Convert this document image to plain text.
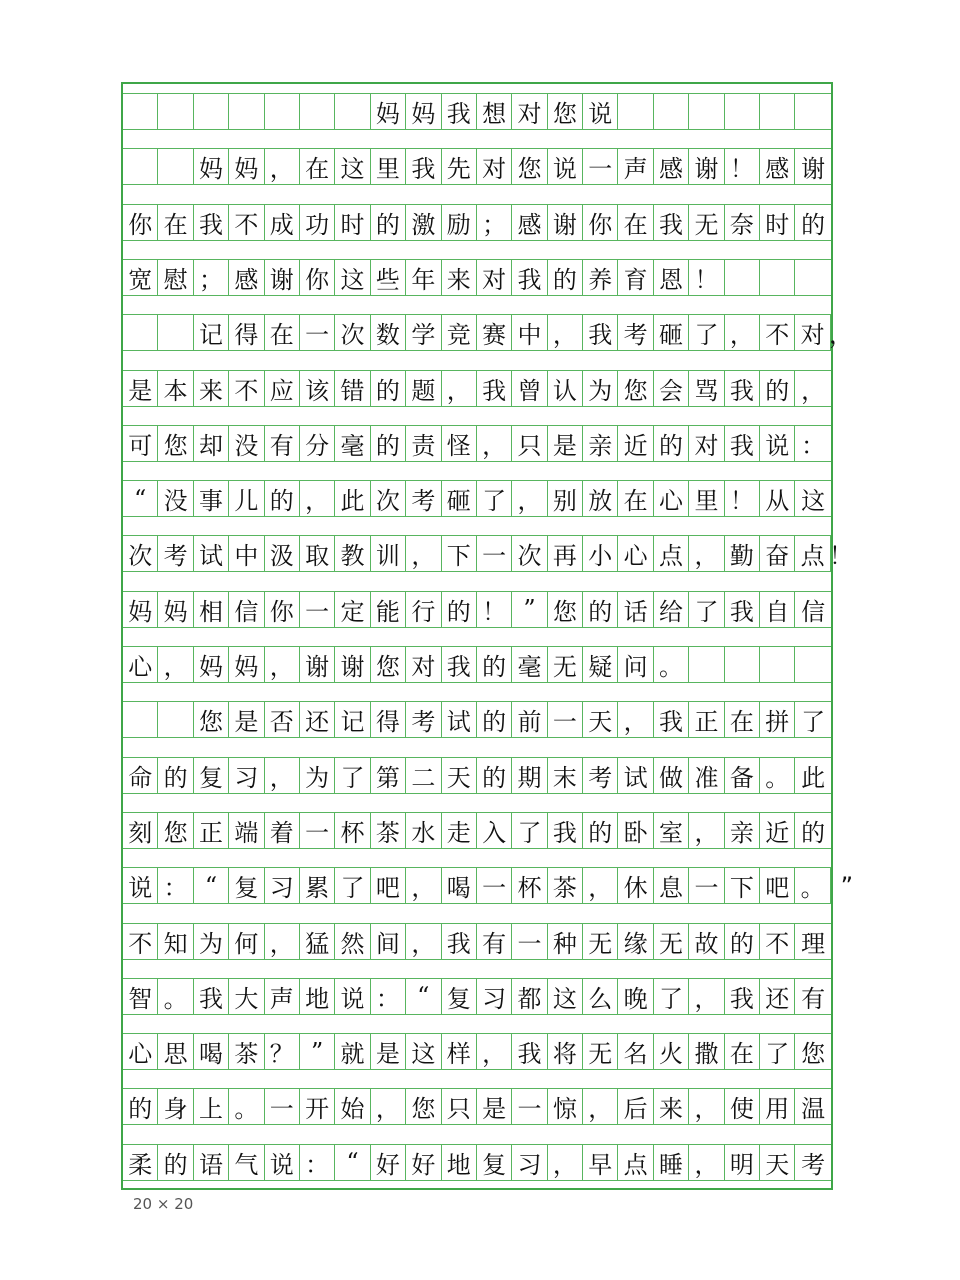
妈 妈 我 想 对 您 说
妈 妈 ， 在 这 里 我 先 对 您 说 一 声 感 谢 ！ 感 谢
你 在 我 不 成 功 时 的 激 励 ； 感 谢 你 在 我 无 奈 时 的
宽 慰 ； 感 谢 你 这 些 年 来 对 我 的 养 育 恩 ！
记 得 在 一 次 数 学 竞 赛 中 ， 我 考 砸 了 ， 不 对 ，
是 本 来 不 应 该 错 的 题 ， 我 曾 认 为 您 会 骂 我 的 ，
可 您 却 没 有 分 毫 的 责 怪 ， 只 是 亲 近 的 对 我 说 ：
“ 没 事 儿 的 ， 此 次 考 砸 了 ， 别 放 在 心 里 ！ 从 这
次 考 试 中 汲 取 教 训 ， 下 一 次 再 小 心 点 ， 勤 奋 点 ！
妈 妈 相 信 你 一 定 能 行 的 ！ ” 您 的 话 给 了 我 自 信
心 ， 妈 妈 ， 谢 谢 您 对 我 的 毫 无 疑 问 。
您 是 否 还 记 得 考 试 的 前 一 天 ， 我 正 在 拼 了
命 的 复 习 ， 为 了 第 二 天 的 期 末 考 试 做 准 备 。 此
刻 您 正 端 着 一 杯 茶 水 走 入 了 我 的 卧 室 ， 亲 近 的
说 ： “ 复 习 累 了 吧 ， 喝 一 杯 茶 ， 休 息 一 下 吧 。 ”
不 知 为 何 ， 猛 然 间 ， 我 有 一 种 无 缘 无 故 的 不 理
智 。 我 大 声 地 说 ： “ 复 习 都 这 么 晚 了 ， 我 还 有
心 思 喝 茶 ？ ” 就 是 这 样 ， 我 将 无 名 火 撒 在 了 您
的 身 上 。 一 开 始 ， 您 只 是 一 惊 ， 后 来 ， 使 用 温
柔 的 语 气 说 ： “ 好 好 地 复 习 ， 早 点 睡 ， 明 天 考
20 × 20
